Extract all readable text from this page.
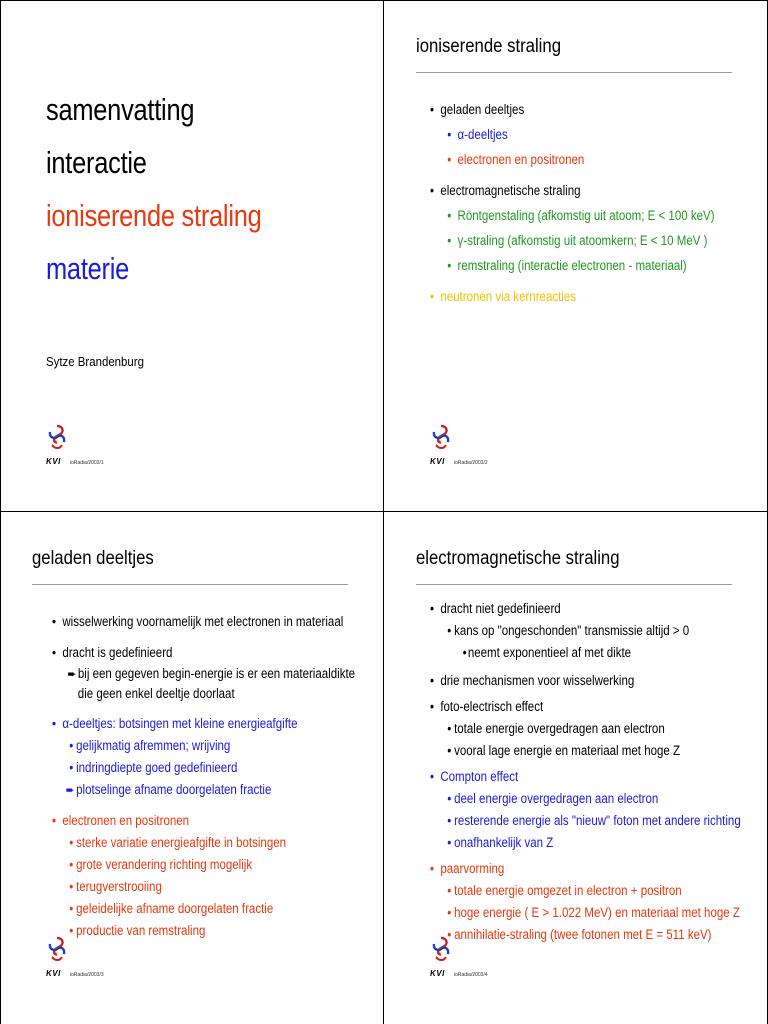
samenvatting
interactie
ioniserende straling
materie
Sytze Brandenburg
KVI ioRadia/2003/1
ioniserende straling
• geladen deeltjes
• α-deeltjes
• electronen en positronen
• electromagnetische straling
• Röntgenstaling (afkomstig uit atoom; E < 100 keV)
• γ-straling (afkomstig uit atoomkern; E < 10 MeV )
• remstraling (interactie electronen - materiaal)
• neutronen via kernreacties
KVI ioRadia/2003/2
geladen deeltjes
• wisselwerking voornamelijk met electronen in materiaal
• dracht is gedefinieerd
➨ bij een gegeven begin-energie is er een materiaaldikte
die geen enkel deeltje doorlaat
• α-deeltjes: botsingen met kleine energieafgifte
• gelijkmatig afremmen; wrijving
• indringdiepte goed gedefinieerd
➨ plotselinge afname doorgelaten fractie
• electronen en positronen
• sterke variatie energieafgifte in botsingen
• grote verandering richting mogelijk
• terugverstrooiing
• geleidelijke afname doorgelaten fractie
• productie van remstraling
KVI ioRadia/2003/3
electromagnetische straling
• dracht niet gedefinieerd
• kans op "ongeschonden" transmissie altijd > 0
• neemt exponentieel af met dikte
• drie mechanismen voor wisselwerking
• foto-electrisch effect
• totale energie overgedragen aan electron
• vooral lage energie en materiaal met hoge Z
• Compton effect
• deel energie overgedragen aan electron
• resterende energie als "nieuw" foton met andere richting
• onafhankelijk van Z
• paarvorming
• totale energie omgezet in electron + positron
• hoge energie ( E > 1.022 MeV) en materiaal met hoge Z
• annihilatie-straling (twee fotonen met E = 511 keV)
KVI ioRadia/2003/4
